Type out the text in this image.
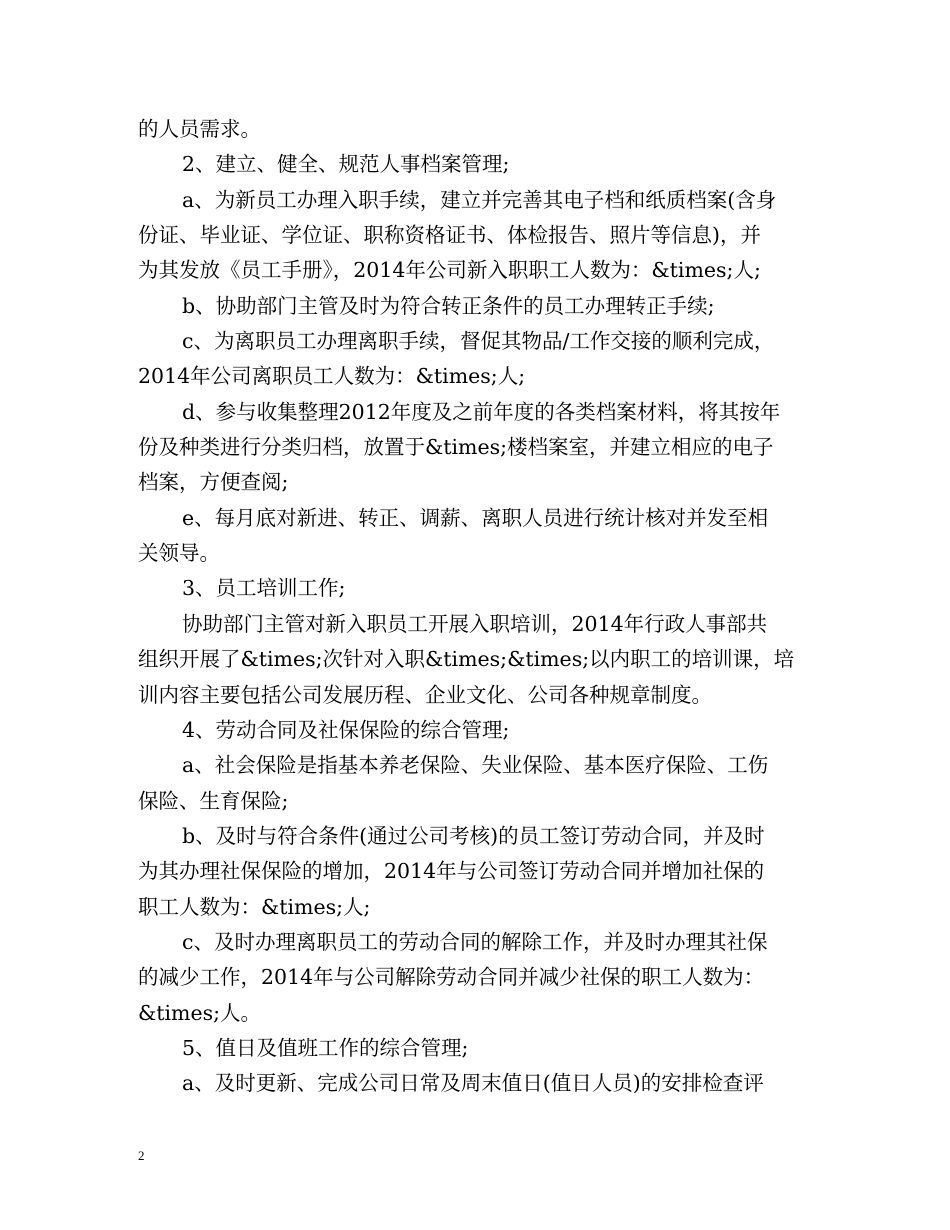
的人员需求。
2、建立、健全、规范人事档案管理;
a、为新员工办理入职手续，建立并完善其电子档和纸质档案(含身
份证、毕业证、学位证、职称资格证书、体检报告、照片等信息)，并
为其发放《员工手册》，2014年公司新入职职工人数为：&times;人;
b、协助部门主管及时为符合转正条件的员工办理转正手续;
c、为离职员工办理离职手续，督促其物品/工作交接的顺利完成，
2014年公司离职员工人数为：&times;人;
d、参与收集整理2012年度及之前年度的各类档案材料，将其按年
份及种类进行分类归档，放置于&times;楼档案室，并建立相应的电子
档案，方便查阅;
e、每月底对新进、转正、调薪、离职人员进行统计核对并发至相
关领导。
3、员工培训工作;
协助部门主管对新入职员工开展入职培训，2014年行政人事部共
组织开展了&times;次针对入职&times;&times;以内职工的培训课，培
训内容主要包括公司发展历程、企业文化、公司各种规章制度。
4、劳动合同及社保保险的综合管理;
a、社会保险是指基本养老保险、失业保险、基本医疗保险、工伤
保险、生育保险;
b、及时与符合条件(通过公司考核)的员工签订劳动合同，并及时
为其办理社保保险的增加，2014年与公司签订劳动合同并增加社保的
职工人数为：&times;人;
c、及时办理离职员工的劳动合同的解除工作，并及时办理其社保
的减少工作，2014年与公司解除劳动合同并减少社保的职工人数为：
&times;人。
5、值日及值班工作的综合管理;
a、及时更新、完成公司日常及周末值日(值日人员)的安排检查评
2
